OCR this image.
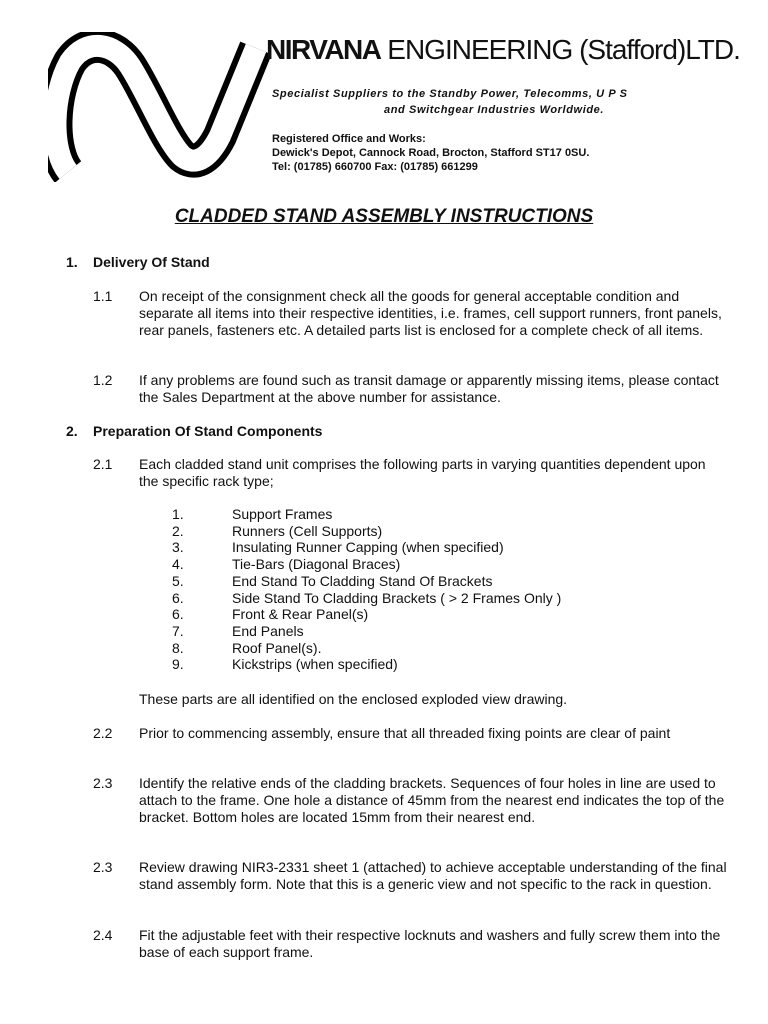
NIRVANA ENGINEERING (Stafford)LTD.
Specialist Suppliers to the Standby Power, Telecomms, U P S
and Switchgear Industries Worldwide.
Registered Office and Works:
Dewick's Depot, Cannock Road, Brocton, Stafford ST17 0SU.
Tel: (01785) 660700 Fax: (01785) 661299
CLADDED STAND ASSEMBLY INSTRUCTIONS
1. Delivery Of Stand
1.1 On receipt of the consignment check all the goods for general acceptable condition and separate all items into their respective identities, i.e. frames, cell support runners, front panels, rear panels, fasteners etc. A detailed parts list is enclosed for a complete check of all items.
1.2 If any problems are found such as transit damage or apparently missing items, please contact the Sales Department at the above number for assistance.
2. Preparation Of Stand Components
2.1 Each cladded stand unit comprises the following parts in varying quantities dependent upon the specific rack type;
1.	Support Frames
2.	Runners (Cell Supports)
3.	Insulating Runner Capping (when specified)
4.	Tie-Bars (Diagonal Braces)
5.	End Stand To Cladding Stand Of Brackets
6.	Side Stand To Cladding Brackets ( > 2 Frames Only )
6.	Front & Rear Panel(s)
7.	End Panels
8.	Roof Panel(s).
9.	Kickstrips (when specified)
These parts are all identified on the enclosed exploded view drawing.
2.2 Prior to commencing assembly, ensure that all threaded fixing points are clear of paint
2.3 Identify the relative ends of the cladding brackets. Sequences of four holes in line are used to attach to the frame. One hole a distance of 45mm from the nearest end indicates the top of the bracket. Bottom holes are located 15mm from their nearest end.
2.3 Review drawing NIR3-2331 sheet 1 (attached) to achieve acceptable understanding of the final stand assembly form. Note that this is a generic view and not specific to the rack in question.
2.4 Fit the adjustable feet with their respective locknuts and washers and fully screw them into the base of each support frame.
